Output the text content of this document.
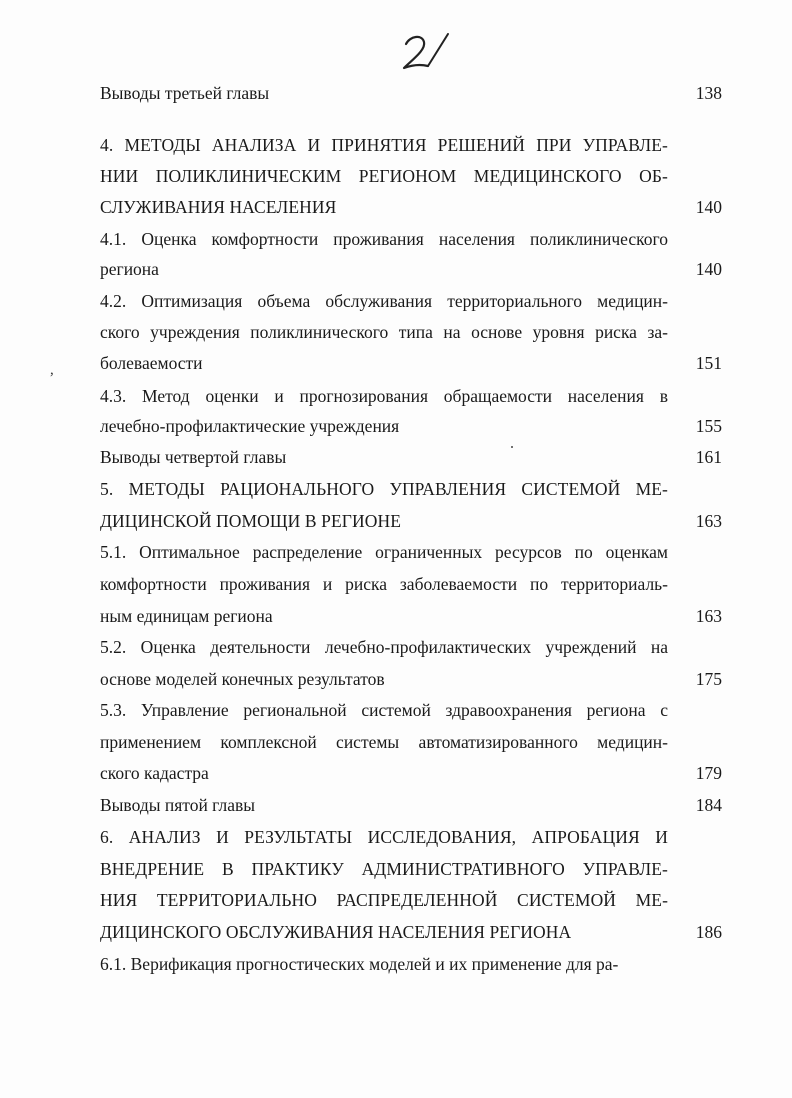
,
Выводы третьей главы	138
4. МЕТОДЫ АНАЛИЗА И ПРИНЯТИЯ РЕШЕНИЙ ПРИ УПРАВЛЕ-
НИИ ПОЛИКЛИНИЧЕСКИМ РЕГИОНОМ МЕДИЦИНСКОГО ОБ-
СЛУЖИВАНИЯ НАСЕЛЕНИЯ	140
4.1. Оценка комфортности проживания населения поликлинического
региона	140
4.2. Оптимизация объема обслуживания территориального медицин-
ского учреждения поликлинического типа на основе уровня риска за-
болеваемости	151
4.3. Метод оценки и прогнозирования обращаемости населения в
лечебно-профилактические учреждения	155
Выводы четвертой главы	161
5. МЕТОДЫ РАЦИОНАЛЬНОГО УПРАВЛЕНИЯ СИСТЕМОЙ МЕ-
ДИЦИНСКОЙ ПОМОЩИ В РЕГИОНЕ	163
5.1. Оптимальное распределение ограниченных ресурсов по оценкам
комфортности проживания и риска заболеваемости по территориаль-
ным единицам региона	163
5.2. Оценка деятельности лечебно-профилактических учреждений на
основе моделей конечных результатов	175
5.3. Управление региональной системой здравоохранения региона с
применением комплексной системы автоматизированного медицин-
ского кадастра	179
Выводы пятой главы	184
6. АНАЛИЗ И РЕЗУЛЬТАТЫ ИССЛЕДОВАНИЯ, АПРОБАЦИЯ И
ВНЕДРЕНИЕ В ПРАКТИКУ АДМИНИСТРАТИВНОГО УПРАВЛЕ-
НИЯ ТЕРРИТОРИАЛЬНО РАСПРЕДЕЛЕННОЙ СИСТЕМОЙ МЕ-
ДИЦИНСКОГО ОБСЛУЖИВАНИЯ НАСЕЛЕНИЯ РЕГИОНА	186
6.1. Верификация прогностических моделей и их применение для ра-
